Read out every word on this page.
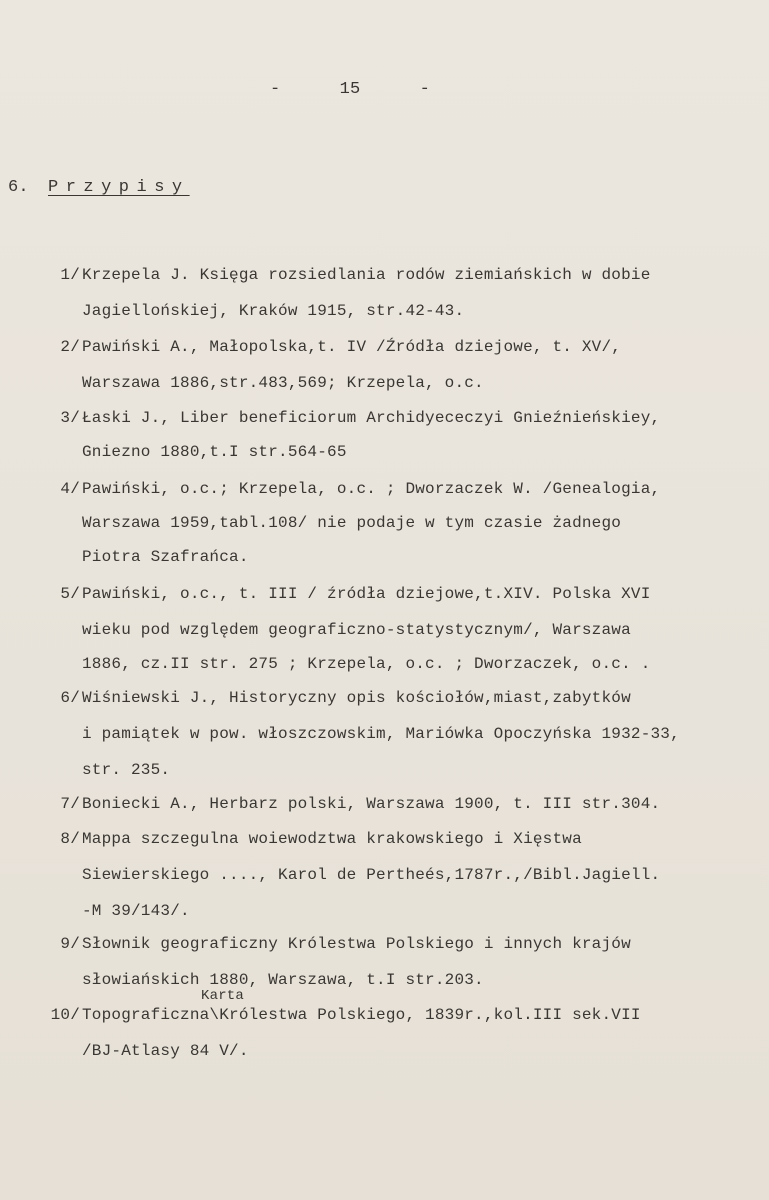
-	15	-
6. Przypisy
1/ Krzepela J. Księga rozsiedlania rodów ziemiańskich w dobie
Jagiellońskiej, Kraków 1915, str.42-43.
2/ Pawiński A., Małopolska,t. IV /Źródła dziejowe, t. XV/,
Warszawa 1886,str.483,569; Krzepela, o.c.
3/ Łaski J., Liber beneficiorum Archidyececzyi Gnieźnieńskiey,
Gniezno 1880,t.I str.564-65
4/ Pawiński, o.c.; Krzepela, o.c. ; Dworzaczek W. /Genealogia,
Warszawa 1959,tabl.108/ nie podaje w tym czasie żadnego
Piotra Szafrańca.
5/ Pawiński, o.c., t. III / źródła dziejowe,t.XIV. Polska XVI
wieku pod względem geograficzno-statystycznym/, Warszawa
1886, cz.II str. 275 ; Krzepela, o.c. ; Dworzaczek, o.c. .
6/ Wiśniewski J., Historyczny opis kościołów,miast,zabytków
i pamiątek w pow. włoszczowskim, Mariówka Opoczyńska 1932-33,
str. 235.
7/ Boniecki A., Herbarz polski, Warszawa 1900, t. III str.304.
8/ Mappa szczegulna woiewodztwa krakowskiego i Xięstwa
Siewierskiego ...., Karol de Pertheés,1787r.,/Bibl.Jagiell.
-M 39/143/.
9/ Słownik geograficzny Królestwa Polskiego i innych krajów
słowiańskich 1880, Warszawa, t.I str.203.
Karta
10/ Topograficzna\Królestwa Polskiego, 1839r.,kol.III sek.VII
/BJ-Atlasy 84 V/.
